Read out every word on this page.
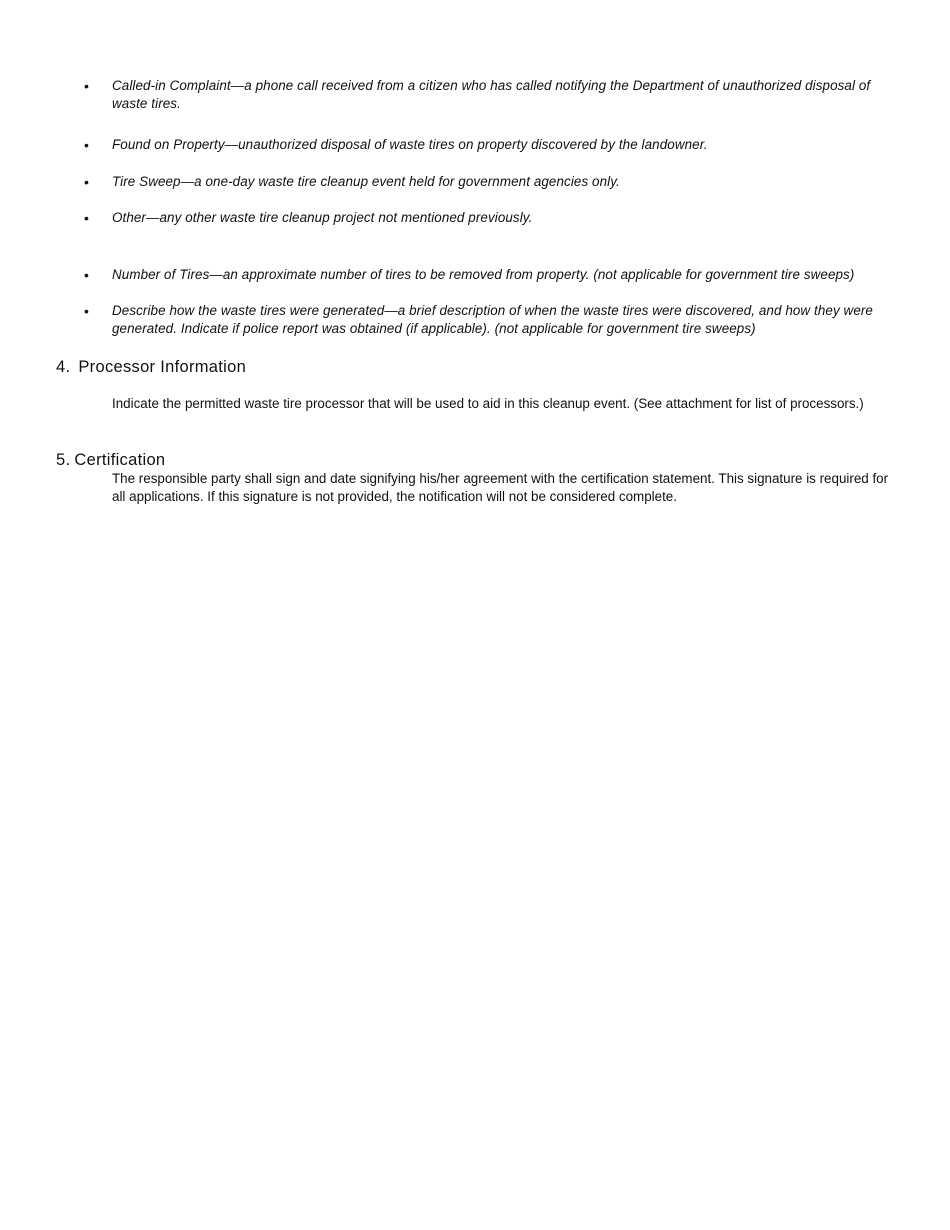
•	Called-in Complaint—a phone call received from a citizen who has called notifying the Department of unauthorized disposal of waste tires.
•	Found on Property—unauthorized disposal of waste tires on property discovered by the landowner.
•	Tire Sweep—a one-day waste tire cleanup event held for government agencies only.
•	Other—any other waste tire cleanup project not mentioned previously.
•	Number of Tires—an approximate number of tires to be removed from property. (not applicable for government tire sweeps)
•	Describe how the waste tires were generated—a brief description of when the waste tires were discovered, and how they were generated. Indicate if police report was obtained (if applicable). (not applicable for government tire sweeps)
4. Processor Information

Indicate the permitted waste tire processor that will be used to aid in this cleanup event. (See attachment for list of processors.)

5. Certification

The responsible party shall sign and date signifying his/her agreement with the certification statement. This signature is required for all applications. If this signature is not provided, the notification will not be considered complete.
